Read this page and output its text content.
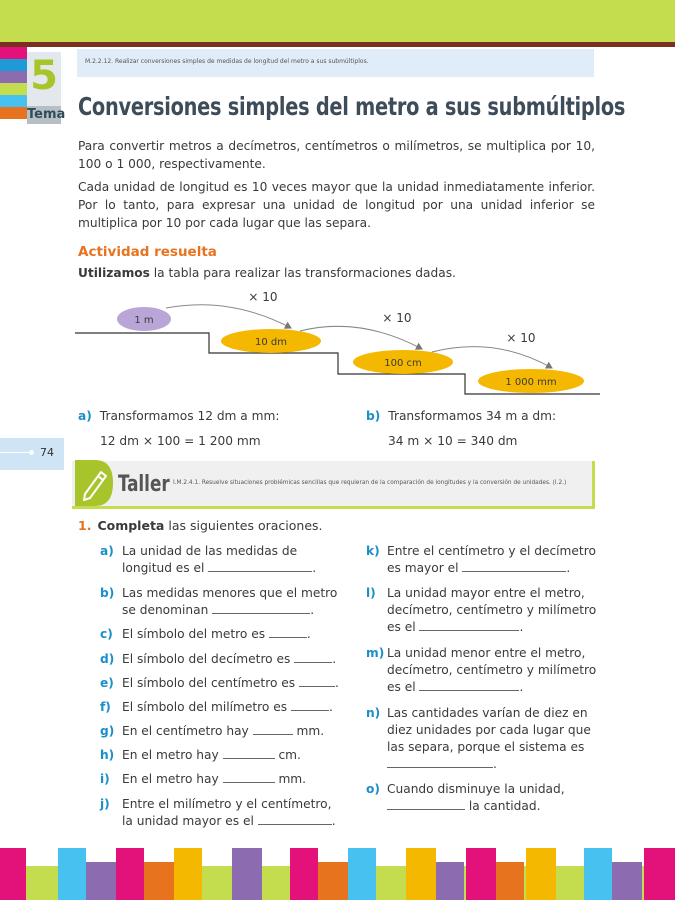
5
Tema
M.2.2.12. Realizar conversiones simples de medidas de longitud del metro a sus submúltiplos.
Conversiones simples del metro a sus submúltiplos
Para convertir metros a decímetros, centímetros o milímetros, se multiplica por 10, 100 o 1 000, respectivamente.
Cada unidad de longitud es 10 veces mayor que la unidad inmediatamente inferior. Por lo tanto, para expresar una unidad de longitud por una unidad inferior se multiplica por 10 por cada lugar que las separa.
Actividad resuelta
Utilizamos la tabla para realizar las transformaciones dadas.
1 m
10 dm
100 cm
1 000 mm
× 10
× 10
× 10
a) Transformamos 12 dm a mm:
12 dm × 100 = 1 200 mm
b) Transformamos 34 m a dm:
34 m × 10 = 340 dm
74
Taller I.M.2.4.1. Resuelve situaciones problémicas sencillas que requieran de la comparación de longitudes y la conversión de unidades. (I.2.)
1. Completa las siguientes oraciones.
a) La unidad de las medidas de
longitud es el	.
b) Las medidas menores que el metro
se denominan	.
c) El símbolo del metro es	.
d) El símbolo del decímetro es	.
e) El símbolo del centímetro es	.
f) El símbolo del milímetro es	.
g) En el centímetro hay	mm.
h) En el metro hay	cm.
i)	En el metro hay	mm.
j)	Entre el milímetro y el centímetro,
la unidad mayor es el	.
k) Entre el centímetro y el decímetro
es mayor el	.
l) La unidad mayor entre el metro,
decímetro, centímetro y milímetro
es el	.
m) La unidad menor entre el metro,
decímetro, centímetro y milímetro
es el	.
n) Las cantidades varían de diez en
diez unidades por cada lugar que
las separa, porque el sistema es
.
o) Cuando disminuye la unidad,
la cantidad.
